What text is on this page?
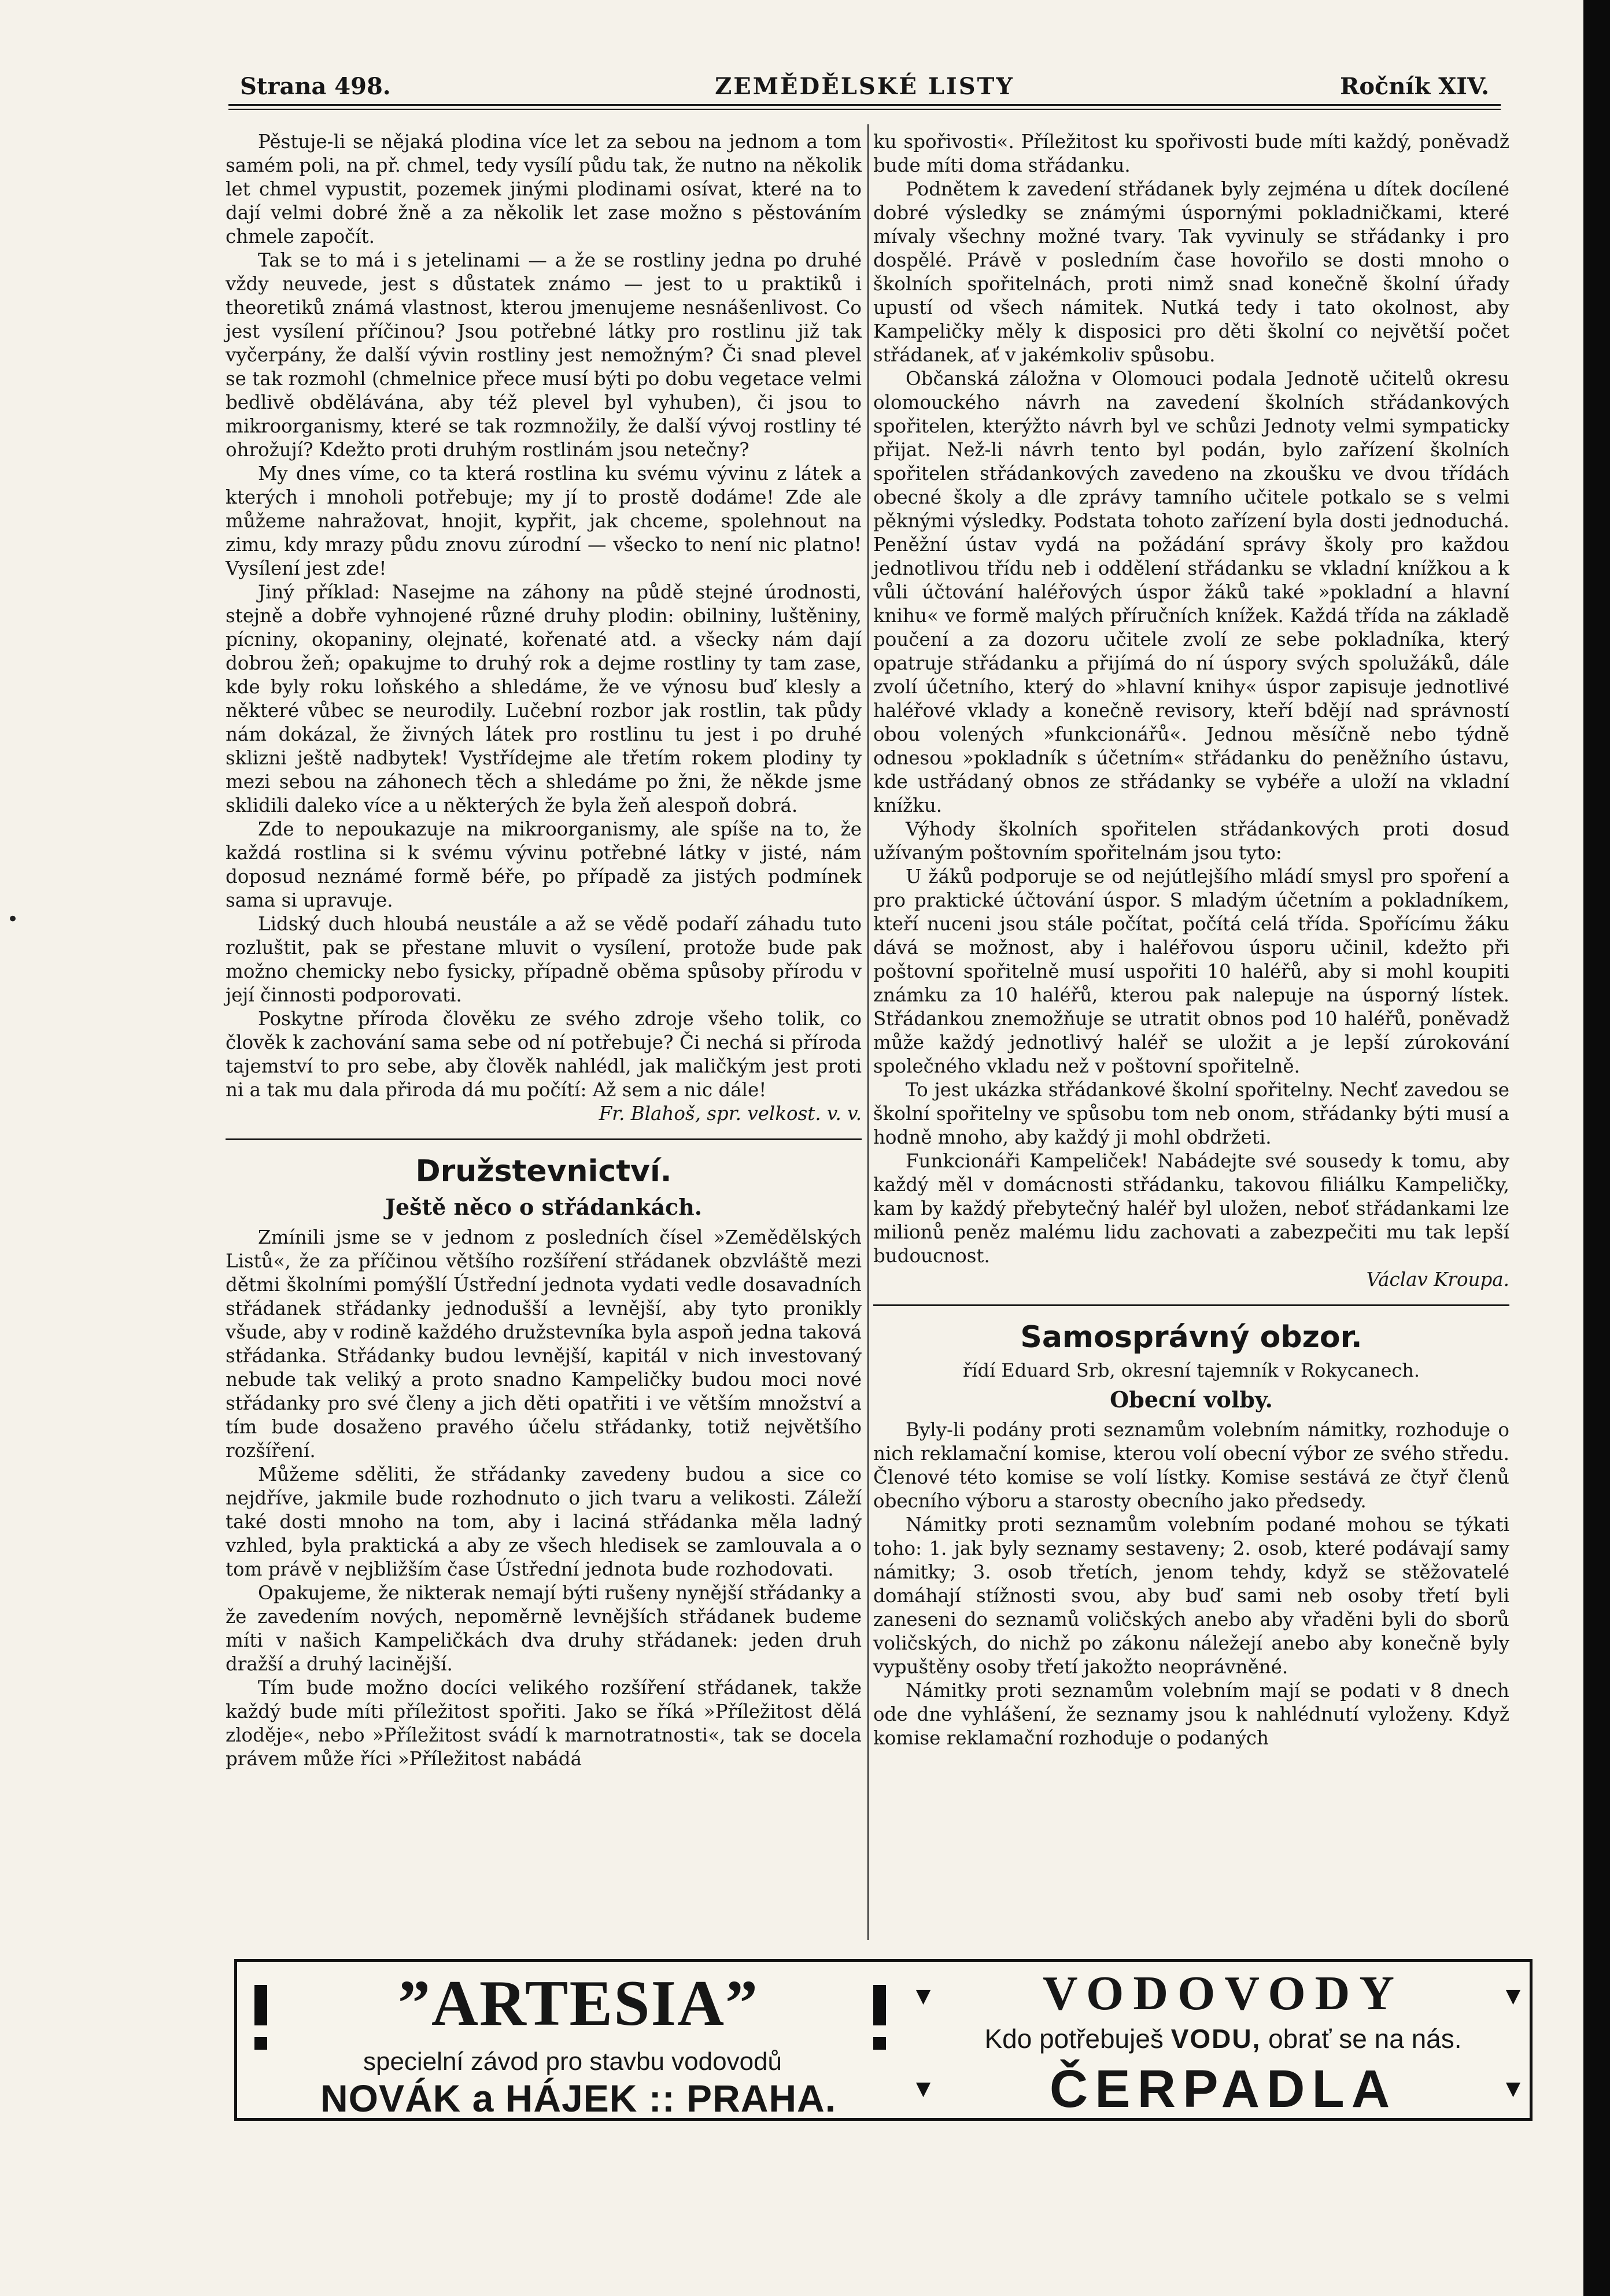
•
Strana 498.	ZEMĚDĚLSKÉ LISTY	Ročník XIV.

Pěstuje-li se nějaká plodina více let za sebou na jednom a tom samém poli, na př. chmel, tedy vysílí půdu tak, že nutno na několik let chmel vypustit, pozemek jinými plodinami osívat, které na to dají velmi dobré žně a za několik let zase možno s pěstováním chmele započít.

Tak se to má i s jetelinami — a že se rostliny jedna po druhé vždy neuvede, jest s důstatek známo — jest to u praktiků i theoretiků známá vlastnost, kterou jmenujeme nesnášenlivost. Co jest vysílení příčinou? Jsou potřebné látky pro rostlinu již tak vyčerpány, že další vývin rostliny jest nemožným? Či snad plevel se tak rozmohl (chmelnice přece musí býti po dobu vegetace velmi bedlivě obdělávána, aby též plevel byl vyhuben), či jsou to mikroorganismy, které se tak rozmnožily, že další vývoj rostliny té ohrožují? Kdežto proti druhým rostlinám jsou netečny?

My dnes víme, co ta která rostlina ku svému vývinu z látek a kterých i mnoholi potřebuje; my jí to prostě dodáme! Zde ale můžeme nahražovat, hnojit, kypřit, jak chceme, spolehnout na zimu, kdy mrazy půdu znovu zúrodní — všecko to není nic platno! Vysílení jest zde!

Jiný příklad: Nasejme na záhony na půdě stejné úrodnosti, stejně a dobře vyhnojené různé druhy plodin: obilniny, luštěniny, pícniny, okopaniny, olejnaté, kořenaté atd. a všecky nám dají dobrou žeň; opakujme to druhý rok a dejme rostliny ty tam zase, kde byly roku loňského a shledáme, že ve výnosu buď klesly a některé vůbec se neurodily. Lučební rozbor jak rostlin, tak půdy nám dokázal, že živných látek pro rostlinu tu jest i po druhé sklizni ještě nadbytek! Vystřídejme ale třetím rokem plodiny ty mezi sebou na záhonech těch a shledáme po žni, že někde jsme sklidili daleko více a u některých že byla žeň alespoň dobrá.

Zde to nepoukazuje na mikroorganismy, ale spíše na to, že každá rostlina si k svému vývinu potřebné látky v jisté, nám doposud neznámé formě béře, po případě za jistých podmínek sama si upravuje.

Lidský duch hloubá neustále a až se vědě podaří záhadu tuto rozluštit, pak se přestane mluvit o vysílení, protože bude pak možno chemicky nebo fysicky, případně oběma spůsoby přírodu v její činnosti podporovati.

Poskytne příroda člověku ze svého zdroje všeho tolik, co člověk k zachování sama sebe od ní potřebuje? Či nechá si příroda tajemství to pro sebe, aby člověk nahlédl, jak maličkým jest proti ni a tak mu dala přiroda dá mu počítí: Až sem a nic dále!

Fr. Blahoš, spr. velkost. v. v.

Družstevnictví.
Ještě něco o střádankách.

Zmínili jsme se v jednom z posledních čísel »Zemědělských Listů«, že za příčinou většího rozšíření střádanek obzvláště mezi dětmi školními pomýšlí Ústřední jednota vydati vedle dosavadních střádanek střádanky jednodušší a levnější, aby tyto pronikly všude, aby v rodině každého družstevníka byla aspoň jedna taková střádanka. Střádanky budou levnější, kapitál v nich investovaný nebude tak veliký a proto snadno Kampeličky budou moci nové střádanky pro své členy a jich děti opatřiti i ve větším množství a tím bude dosaženo pravého účelu střádanky, totiž největšího rozšíření.

Můžeme sděliti, že střádanky zavedeny budou a sice co nejdříve, jakmile bude rozhodnuto o jich tvaru a velikosti. Záleží také dosti mnoho na tom, aby i laciná střádanka měla ladný vzhled, byla praktická a aby ze všech hledisek se zamlouvala a o tom právě v nejbližším čase Ústřední jednota bude rozhodovati.

Opakujeme, že nikterak nemají býti rušeny nynější střádanky a že zavedením nových, nepoměrně levnějších střádanek budeme míti v našich Kampeličkách dva druhy střádanek: jeden druh dražší a druhý lacinější.

Tím bude možno docíci velikého rozšíření střádanek, takže každý bude míti příležitost spořiti. Jako se říká »Příležitost dělá zloděje«, nebo »Příležitost svádí k marnotratnosti«, tak se docela právem může říci »Příležitost nabádá

ku spořivosti«. Příležitost ku spořivosti bude míti každý, poněvadž bude míti doma střádanku.

Podnětem k zavedení střádanek byly zejména u dítek docílené dobré výsledky se známými úspornými pokladničkami, které mívaly všechny možné tvary. Tak vyvinuly se střádanky i pro dospělé. Právě v posledním čase hovořilo se dosti mnoho o školních spořitelnách, proti nimž snad konečně školní úřady upustí od všech námitek. Nutká tedy i tato okolnost, aby Kampeličky měly k disposici pro děti školní co největší počet střádanek, ať v jakémkoliv spůsobu.

Občanská záložna v Olomouci podala Jednotě učitelů okresu olomouckého návrh na zavedení školních střádankových spořitelen, kterýžto návrh byl ve schůzi Jednoty velmi sympaticky přijat. Než-li návrh tento byl podán, bylo zařízení školních spořitelen střádankových zavedeno na zkoušku ve dvou třídách obecné školy a dle zprávy tamního učitele potkalo se s velmi pěknými výsledky. Podstata tohoto zařízení byla dosti jednoduchá. Peněžní ústav vydá na požádání správy školy pro každou jednotlivou třídu neb i oddělení střádanku se vkladní knížkou a k vůli účtování haléřových úspor žáků také »pokladní a hlavní knihu« ve formě malých příručních knížek. Každá třída na základě poučení a za dozoru učitele zvolí ze sebe pokladníka, který opatruje střádanku a přijímá do ní úspory svých spolužáků, dále zvolí účetního, který do »hlavní knihy« úspor zapisuje jednotlivé haléřové vklady a konečně revisory, kteří bdějí nad správností obou volených »funkcionářů«. Jednou měsíčně nebo týdně odnesou »pokladník s účetním« střádanku do peněžního ústavu, kde ustřádaný obnos ze střádanky se vybéře a uloží na vkladní knížku.

Výhody školních spořitelen střádankových proti dosud užívaným poštovním spořitelnám jsou tyto:

U žáků podporuje se od nejútlejšího mládí smysl pro spoření a pro praktické účtování úspor. S mladým účetním a pokladníkem, kteří nuceni jsou stále počítat, počítá celá třída. Spořícímu žáku dává se možnost, aby i haléřovou úsporu učinil, kdežto při poštovní spořitelně musí uspořiti 10 haléřů, aby si mohl koupiti známku za 10 haléřů, kterou pak nalepuje na úsporný lístek. Střádankou znemožňuje se utratit obnos pod 10 haléřů, poněvadž může každý jednotlivý haléř se uložit a je lepší zúrokování společného vkladu než v poštovní spořitelně.

To jest ukázka střádankové školní spořitelny. Nechť zavedou se školní spořitelny ve spůsobu tom neb onom, střádanky býti musí a hodně mnoho, aby každý ji mohl obdržeti.

Funkcionáři Kampeliček! Nabádejte své sousedy k tomu, aby každý měl v domácnosti střádanku, takovou filiálku Kampeličky, kam by každý přebytečný haléř byl uložen, neboť střádankami lze milionů peněz malému lidu zachovati a zabezpečiti mu tak lepší budoucnost.

Václav Kroupa.

Samosprávný obzor.
řídí Eduard Srb, okresní tajemník v Rokycanech.
Obecní volby.

Byly-li podány proti seznamům volebním námitky, rozhoduje o nich reklamační komise, kterou volí obecní výbor ze svého středu. Členové této komise se volí lístky. Komise sestává ze čtyř členů obecního výboru a starosty obecního jako předsedy.

Námitky proti seznamům volebním podané mohou se týkati toho: 1. jak byly seznamy sestaveny; 2. osob, které podávají samy námitky; 3. osob třetích, jenom tehdy, když se stěžovatelé domáhají stížnosti svou, aby buď sami neb osoby třetí byli zaneseni do seznamů voličských anebo aby vřaděni byli do sborů voličských, do nichž po zákonu náležejí anebo aby konečně byly vypuštěny osoby třetí jakožto neoprávněné.

Námitky proti seznamům volebním mají se podati v 8 dnech ode dne vyhlášení, že seznamy jsou k nahlédnutí vyloženy. Když komise reklamační rozhoduje o podaných

”ARTESIA”
specielní závod pro stavbu vodovodů
NOVÁK a HÁJEK :: PRAHA.
▾	▾
▾	▾
VODOVODY
Kdo potřebuješ VODU, obrať se na nás.
ČERPADLA
